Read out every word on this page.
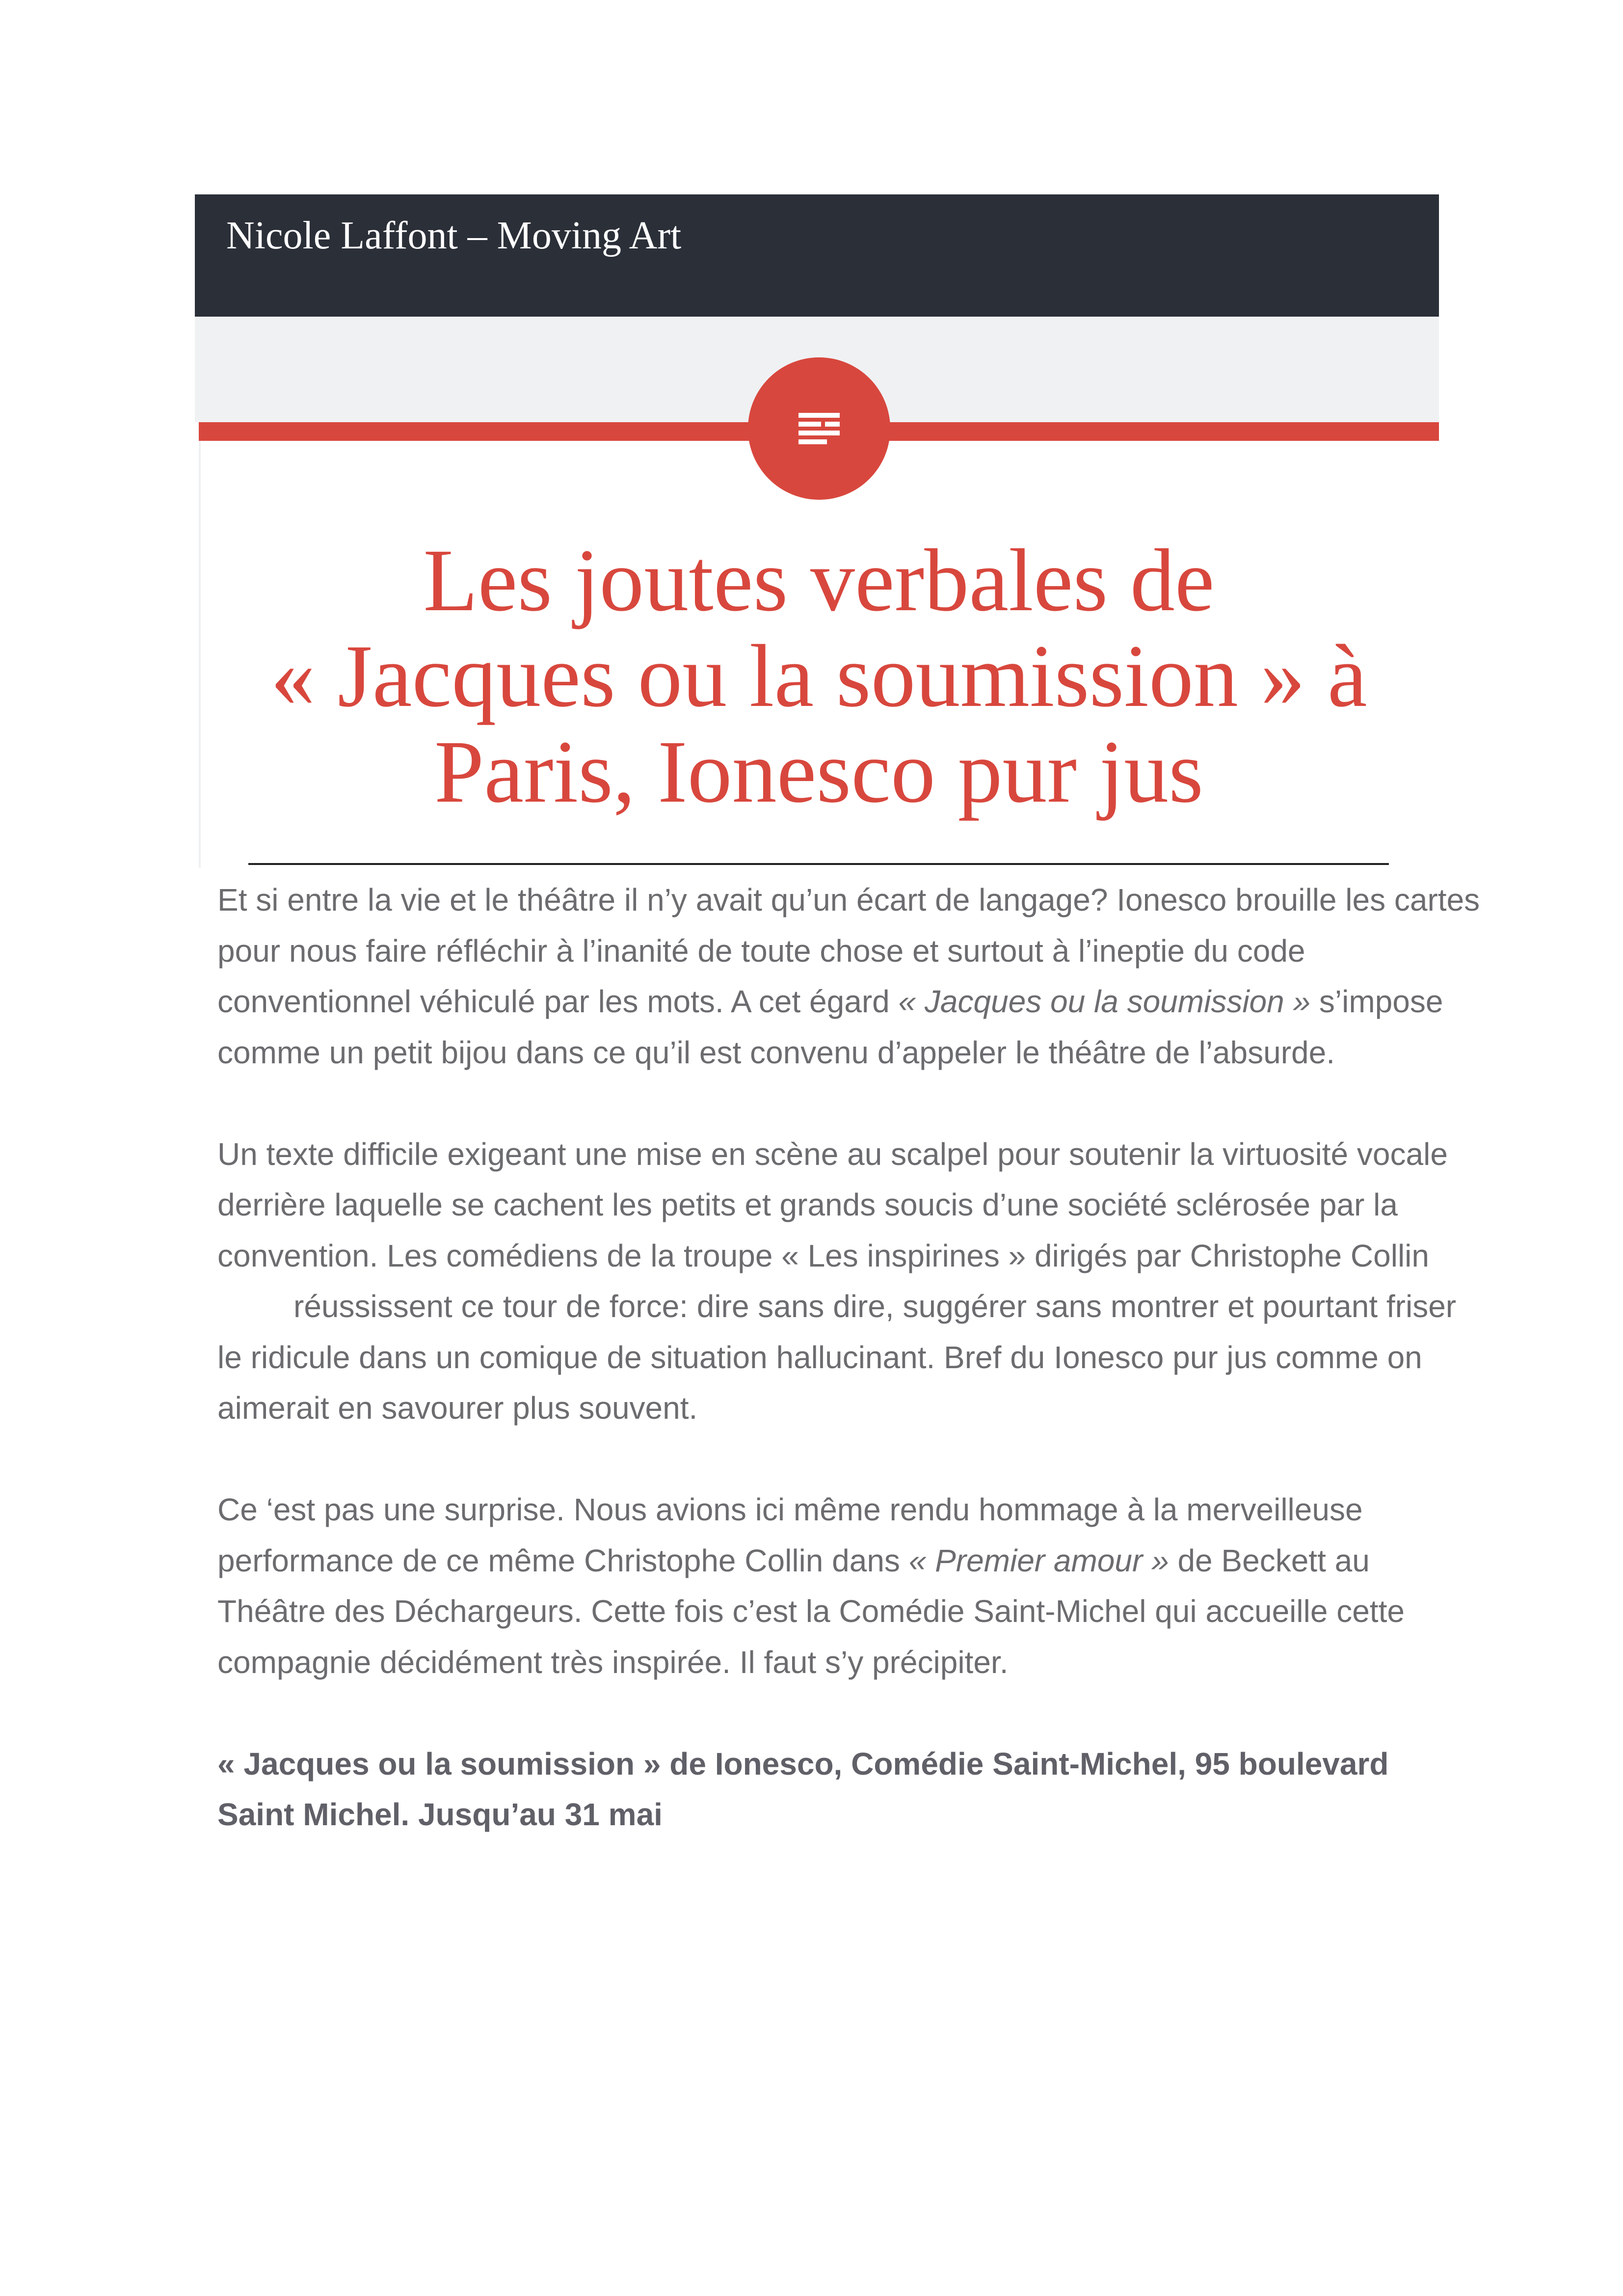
Nicole Laffont – Moving Art
Les joutes verbales de
« Jacques ou la soumission » à
Paris, Ionesco pur jus

Et si entre la vie et le théâtre il n’y avait qu’un écart de langage? Ionesco brouille les cartes
pour nous faire réfléchir à l’inanité de toute chose et surtout à l’ineptie du code
conventionnel véhiculé par les mots. A cet égard « Jacques ou la soumission » s’impose
comme un petit bijou dans ce qu’il est convenu d’appeler le théâtre de l’absurde.

Un texte difficile exigeant une mise en scène au scalpel pour soutenir la virtuosité vocale
derrière laquelle se cachent les petits et grands soucis d’une société sclérosée par la
convention. Les comédiens de la troupe « Les inspirines » dirigés par Christophe Collin
réussissent ce tour de force: dire sans dire, suggérer sans montrer et pourtant friser
le ridicule dans un comique de situation hallucinant. Bref du Ionesco pur jus comme on
aimerait en savourer plus souvent.

Ce ‘est pas une surprise. Nous avions ici même rendu hommage à la merveilleuse
performance de ce même Christophe Collin dans « Premier amour » de Beckett au
Théâtre des Déchargeurs. Cette fois c’est la Comédie Saint-Michel qui accueille cette
compagnie décidément très inspirée. Il faut s’y précipiter.

« Jacques ou la soumission » de Ionesco, Comédie Saint-Michel, 95 boulevard
Saint Michel. Jusqu’au 31 mai
